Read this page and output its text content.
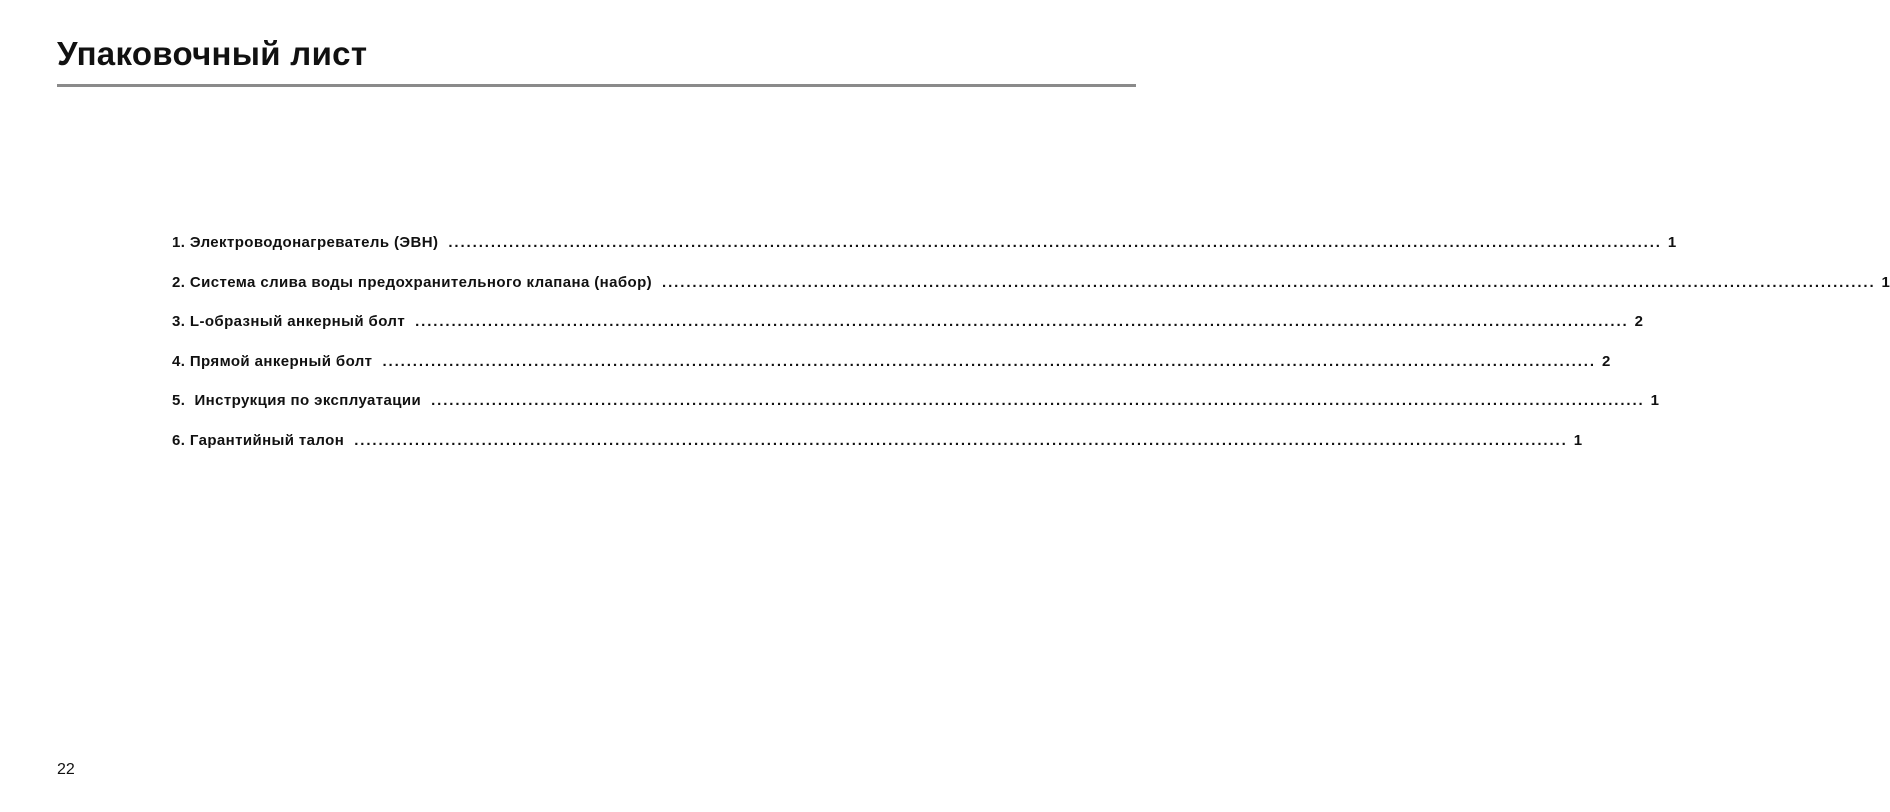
Упаковочный лист
1. Электроводонагреватель (ЭВН) ........................................................................................................................................................................................................ 1
2. Система слива воды предохранительного клапана (набор) ........................................................................................................................................................................................................ 1
3. L-образный анкерный болт ........................................................................................................................................................................................................ 2
4. Прямой анкерный болт ........................................................................................................................................................................................................ 2
5.  Инструкция по эксплуатации ........................................................................................................................................................................................................ 1
6. Гарантийный талон ........................................................................................................................................................................................................ 1
22
